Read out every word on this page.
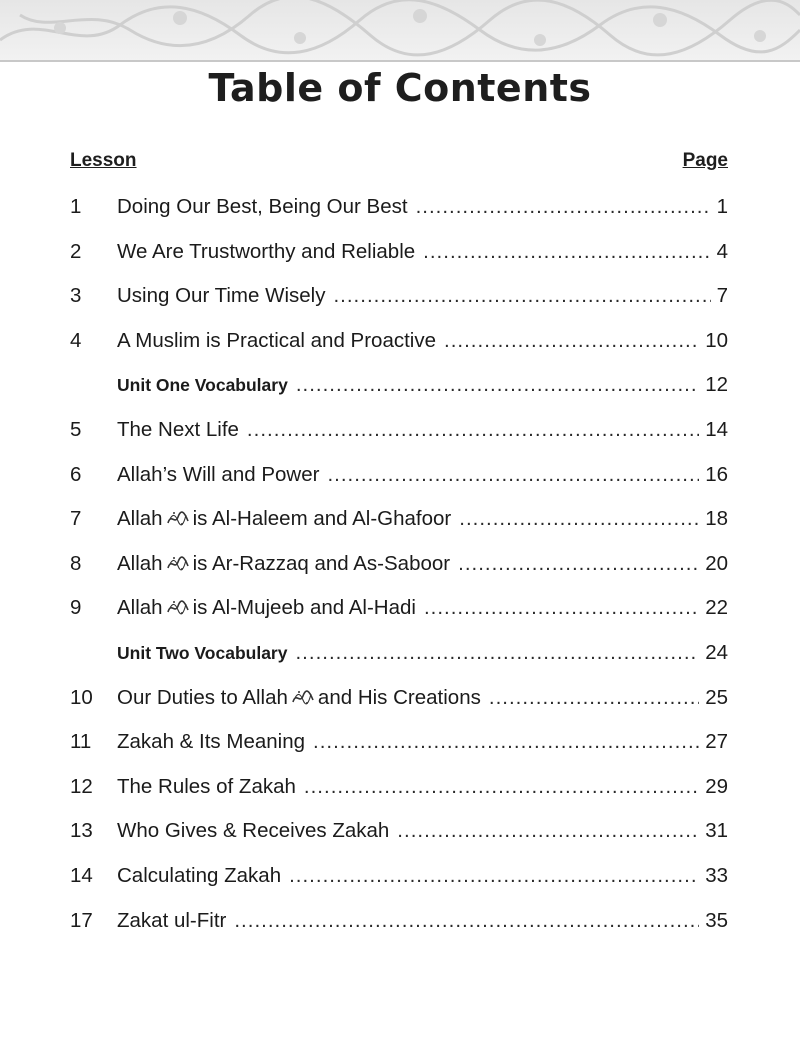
Table of Contents
Lesson	Page
1	Doing Our Best, Being Our Best .....	1
2	We Are Trustworthy and Reliable .....	4
3	Using Our Time Wisely .....	7
4	A Muslim is Practical and Proactive .....	10
Unit One Vocabulary .....	12
5	The Next Life .....	14
6	Allah’s Will and Power .....	16
7	Allah is Al-Haleem and Al-Ghafoor .....	18
8	Allah is Ar-Razzaq and As-Saboor .....	20
9	Allah is Al-Mujeeb and Al-Hadi .....	22
Unit Two Vocabulary .....	24
10	Our Duties to Allah and His Creations .....	25
11	Zakah & Its Meaning .....	27
12	The Rules of Zakah .....	29
13	Who Gives & Receives Zakah .....	31
14	Calculating Zakah .....	33
17	Zakat ul-Fitr .....	35
